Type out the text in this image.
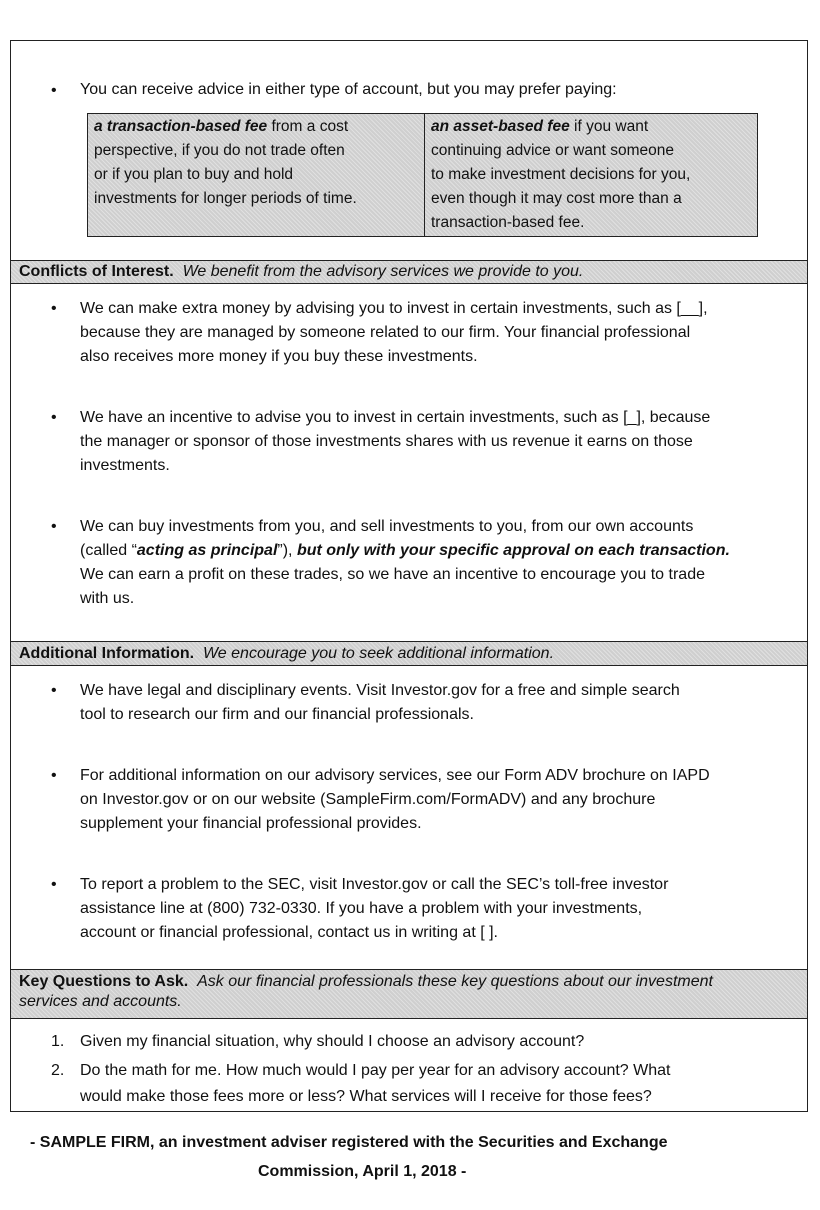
• You can receive advice in either type of account, but you may prefer paying:
a transaction-based fee from a cost
perspective, if you do not trade often
or if you plan to buy and hold
investments for longer periods of time.
an asset-based fee if you want
continuing advice or want someone
to make investment decisions for you,
even though it may cost more than a
transaction-based fee.
Conflicts of Interest. We benefit from the advisory services we provide to you.
• We can make extra money by advising you to invest in certain investments, such as [__],
because they are managed by someone related to our firm. Your financial professional
also receives more money if you buy these investments.
• We have an incentive to advise you to invest in certain investments, such as [_], because
the manager or sponsor of those investments shares with us revenue it earns on those
investments.
• We can buy investments from you, and sell investments to you, from our own accounts
(called “acting as principal”), but only with your specific approval on each transaction.
We can earn a profit on these trades, so we have an incentive to encourage you to trade
with us.
Additional Information. We encourage you to seek additional information.
• We have legal and disciplinary events. Visit Investor.gov for a free and simple search
tool to research our firm and our financial professionals.
• For additional information on our advisory services, see our Form ADV brochure on IAPD
on Investor.gov or on our website (SampleFirm.com/FormADV) and any brochure
supplement your financial professional provides.
• To report a problem to the SEC, visit Investor.gov or call the SEC’s toll-free investor
assistance line at (800) 732-0330. If you have a problem with your investments,
account or financial professional, contact us in writing at [ ].
Key Questions to Ask. Ask our financial professionals these key questions about our investment
services and accounts.
1. Given my financial situation, why should I choose an advisory account?
2. Do the math for me. How much would I pay per year for an advisory account? What
would make those fees more or less? What services will I receive for those fees?
- SAMPLE FIRM, an investment adviser registered with the Securities and Exchange
Commission, April 1, 2018 -
